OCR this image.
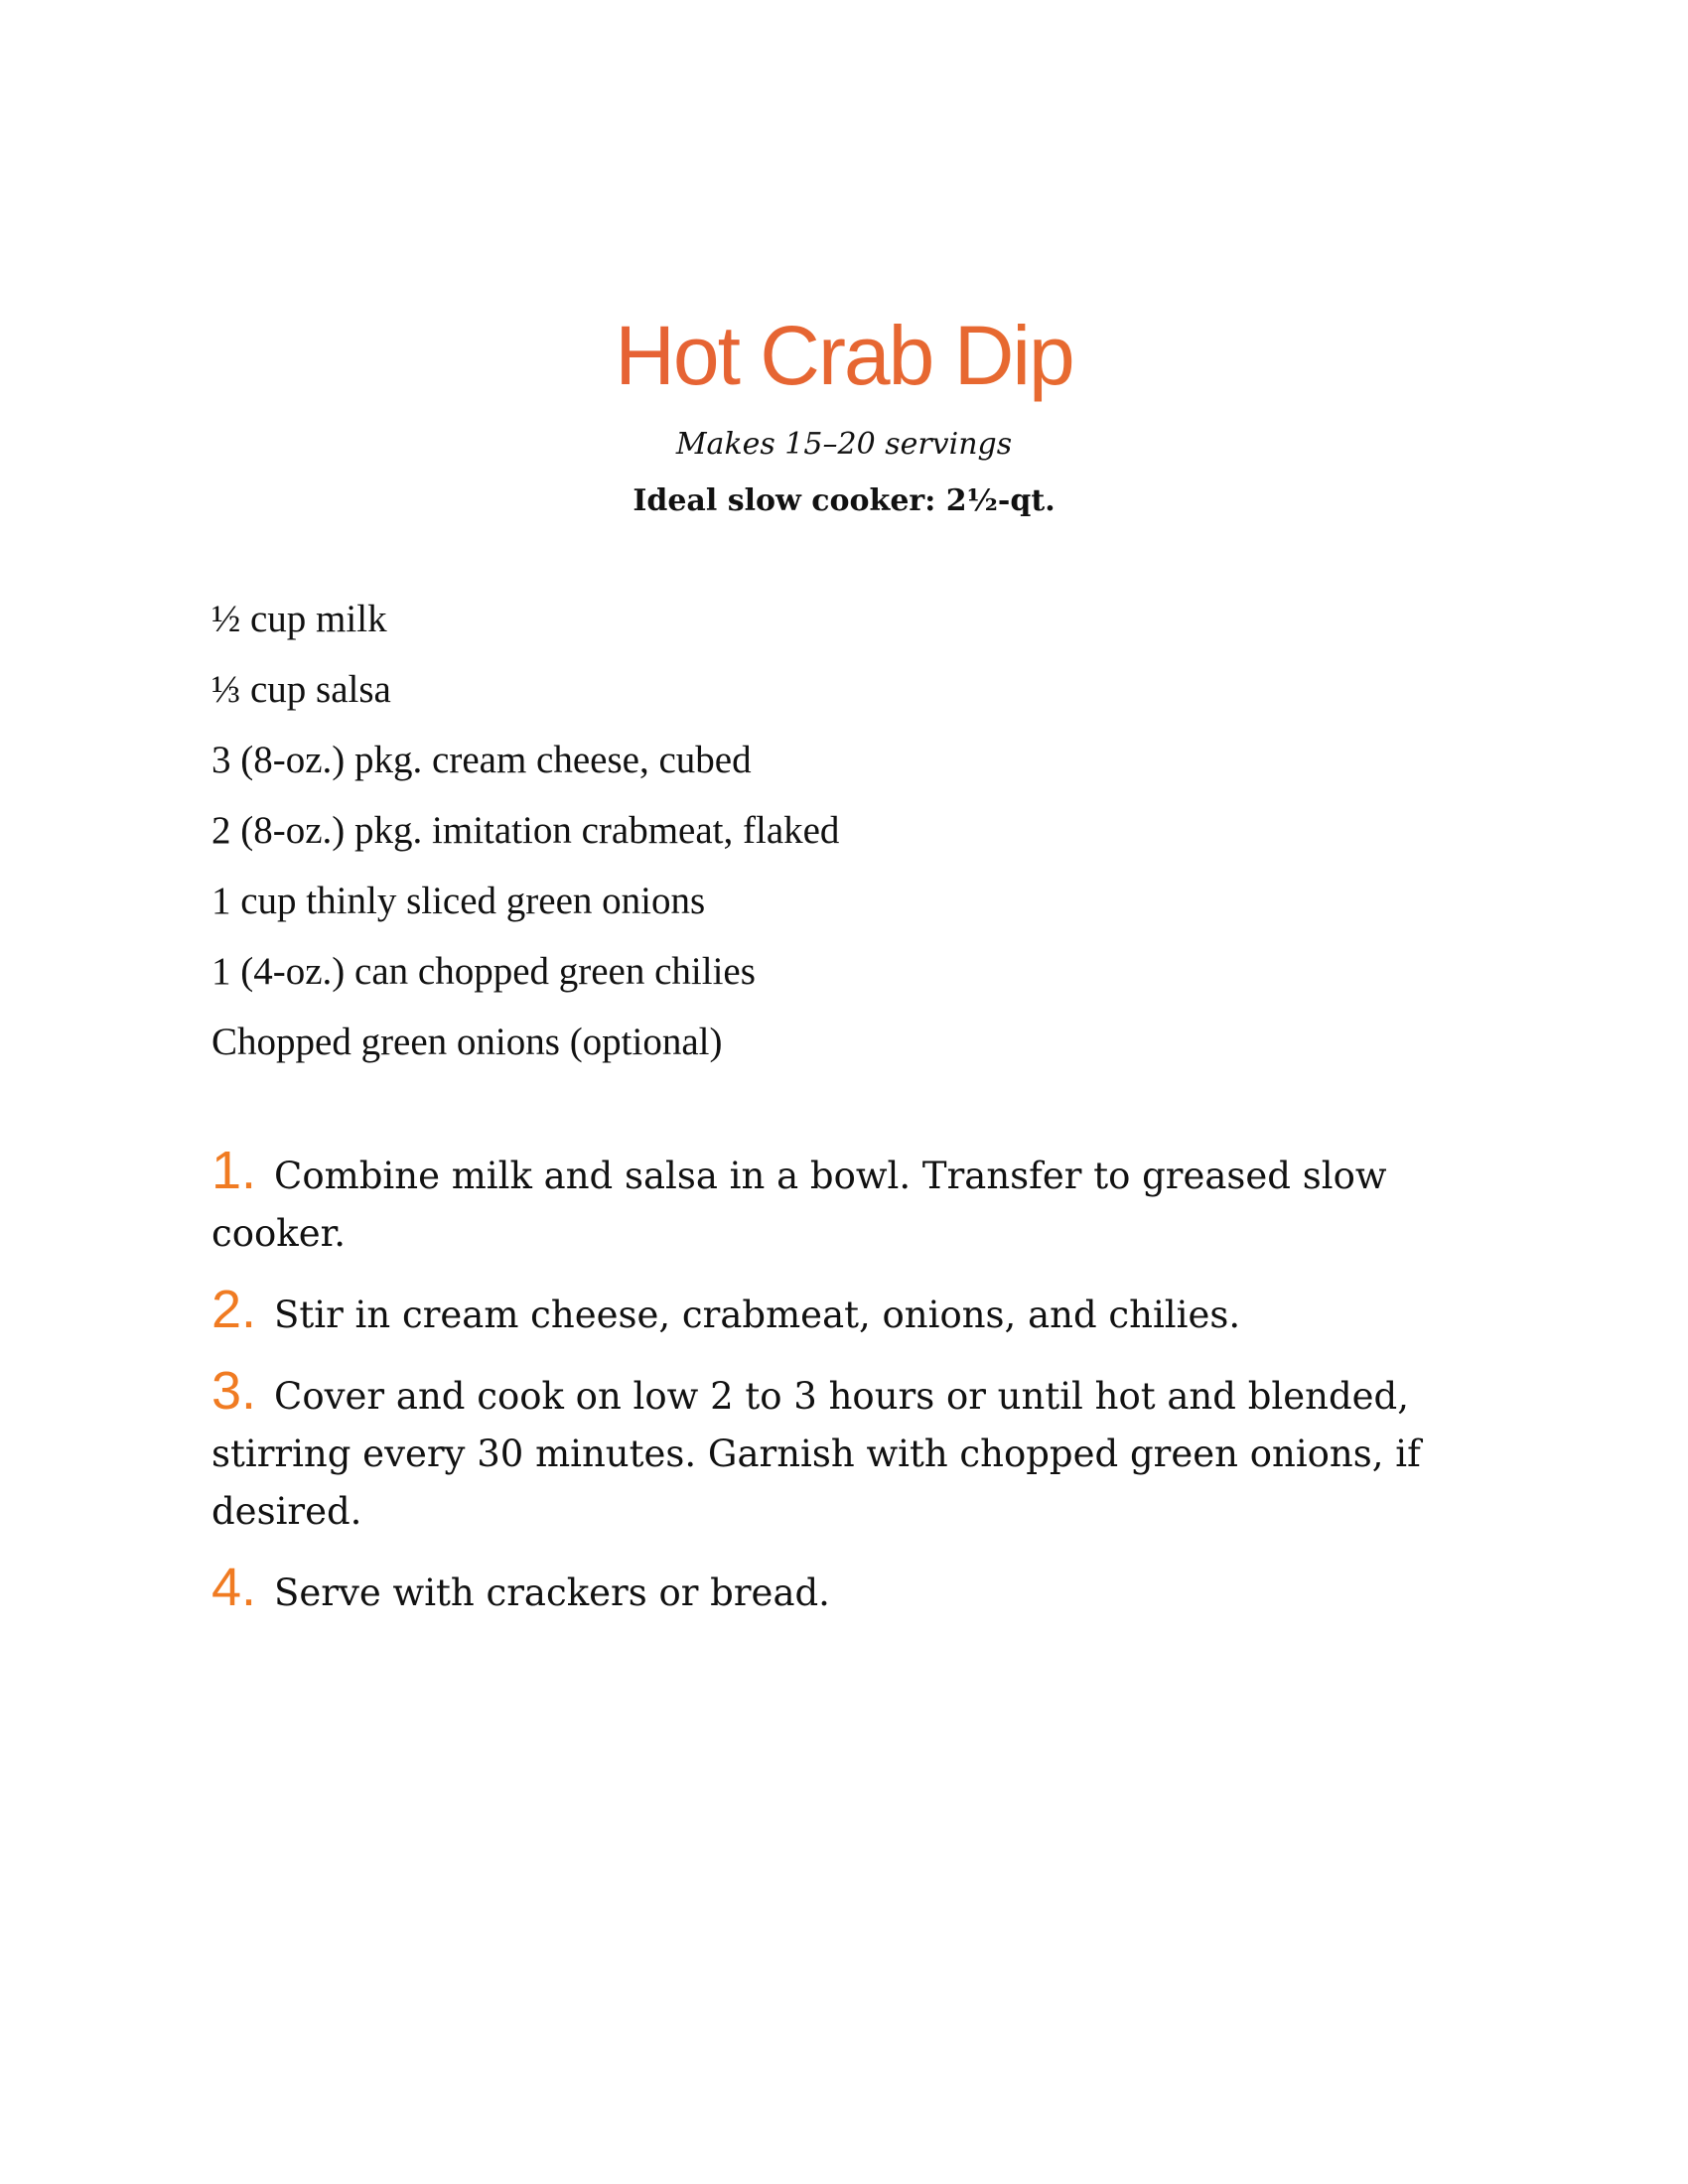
Hot Crab Dip
Makes 15–20 servings
Ideal slow cooker: 2½-qt.
½ cup milk
⅓ cup salsa
3 (8-oz.) pkg. cream cheese, cubed
2 (8-oz.) pkg. imitation crabmeat, flaked
1 cup thinly sliced green onions
1 (4-oz.) can chopped green chilies
Chopped green onions (optional)
1. Combine milk and salsa in a bowl. Transfer to greased slow cooker.
2. Stir in cream cheese, crabmeat, onions, and chilies.
3. Cover and cook on low 2 to 3 hours or until hot and blended, stirring every 30 minutes. Garnish with chopped green onions, if desired.
4. Serve with crackers or bread.
